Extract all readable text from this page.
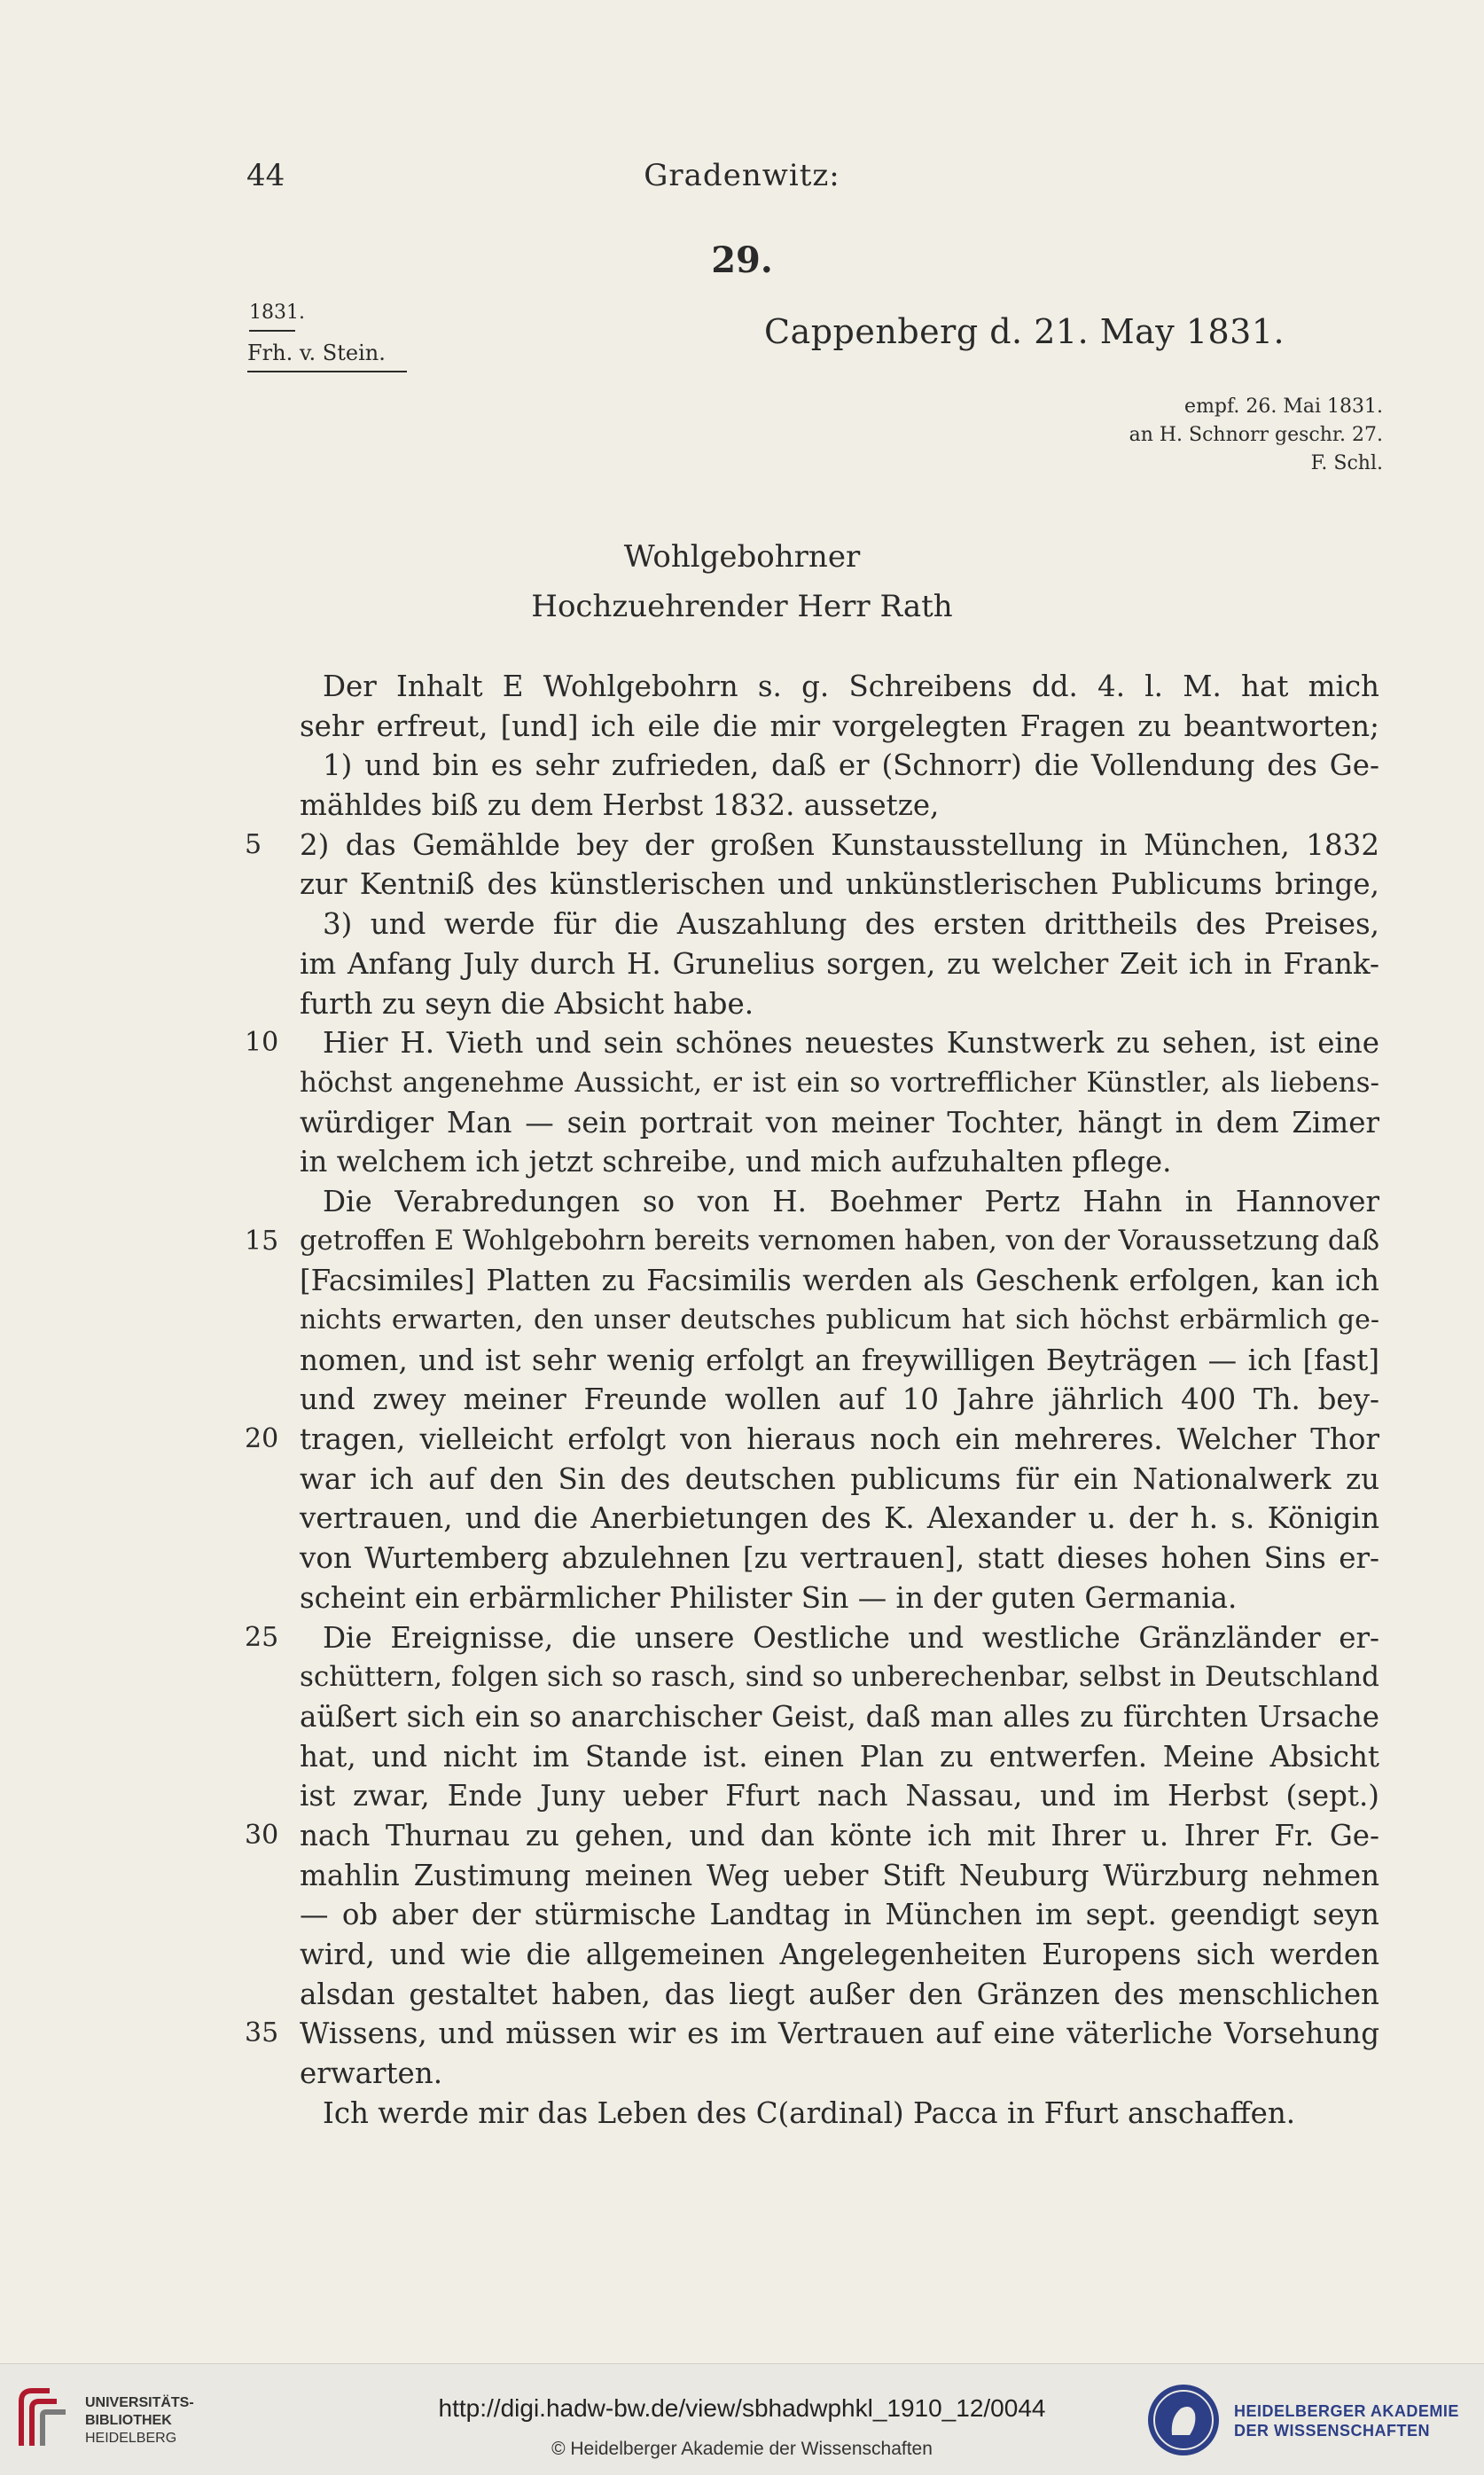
44	Gradenwitz:
29.
1831.
Frh. v. Stein.
Cappenberg d. 21. May 1831.
empf. 26. Mai 1831.
an H. Schnorr geschr. 27.
F. Schl.
Wohlgebohrner
Hochzuehrender Herr Rath
Der Inhalt E Wohlgebohrn s. g. Schreibens dd. 4. l. M. hat mich
sehr erfreut, [und] ich eile die mir vorgelegten Fragen zu beantworten;
1) und bin es sehr zufrieden, daß er (Schnorr) die Vollendung des Ge-
mähldes biß zu dem Herbst 1832. aussetze,
5	2) das Gemählde bey der großen Kunstausstellung in München, 1832
zur Kentniß des künstlerischen und unkünstlerischen Publicums bringe,
3) und werde für die Auszahlung des ersten drittheils des Preises,
im Anfang July durch H. Grunelius sorgen, zu welcher Zeit ich in Frank-
furth zu seyn die Absicht habe.
10	Hier H. Vieth und sein schönes neuestes Kunstwerk zu sehen, ist eine
höchst angenehme Aussicht, er ist ein so vortrefflicher Künstler, als liebens-
würdiger Man — sein portrait von meiner Tochter, hängt in dem Zimer
in welchem ich jetzt schreibe, und mich aufzuhalten pflege.
Die Verabredungen so von H. Boehmer Pertz Hahn in Hannover
15 getroffen E Wohlgebohrn bereits vernomen haben, von der Voraussetzung daß
[Facsimiles] Platten zu Facsimilis werden als Geschenk erfolgen, kan ich
nichts erwarten, den unser deutsches publicum hat sich höchst erbärmlich ge-
nomen, und ist sehr wenig erfolgt an freywilligen Beyträgen — ich [fast]
und zwey meiner Freunde wollen auf 10 Jahre jährlich 400 Th. bey-
20 tragen, vielleicht erfolgt von hieraus noch ein mehreres. Welcher Thor
war ich auf den Sin des deutschen publicums für ein Nationalwerk zu
vertrauen, und die Anerbietungen des K. Alexander u. der h. s. Königin
von Wurtemberg abzulehnen [zu vertrauen], statt dieses hohen Sins er-
scheint ein erbärmlicher Philister Sin — in der guten Germania.
25	Die Ereignisse, die unsere Oestliche und westliche Gränzländer er-
schüttern, folgen sich so rasch, sind so unberechenbar, selbst in Deutschland
aüßert sich ein so anarchischer Geist, daß man alles zu fürchten Ursache
hat, und nicht im Stande ist. einen Plan zu entwerfen. Meine Absicht
ist zwar, Ende Juny ueber Ffurt nach Nassau, und im Herbst (sept.)
30 nach Thurnau zu gehen, und dan könte ich mit Ihrer u. Ihrer Fr. Ge-
mahlin Zustimung meinen Weg ueber Stift Neuburg Würzburg nehmen
— ob aber der stürmische Landtag in München im sept. geendigt seyn
wird, und wie die allgemeinen Angelegenheiten Europens sich werden
alsdan gestaltet haben, das liegt außer den Gränzen des menschlichen
35 Wissens, und müssen wir es im Vertrauen auf eine väterliche Vorsehung
erwarten.
Ich werde mir das Leben des C(ardinal) Pacca in Ffurt anschaffen.
UNIVERSITÄTS-
BIBLIOTHEK
HEIDELBERG
http://digi.hadw-bw.de/view/sbhadwphkl_1910_12/0044
© Heidelberger Akademie der Wissenschaften
HEIDELBERGER AKADEMIE
DER WISSENSCHAFTEN
